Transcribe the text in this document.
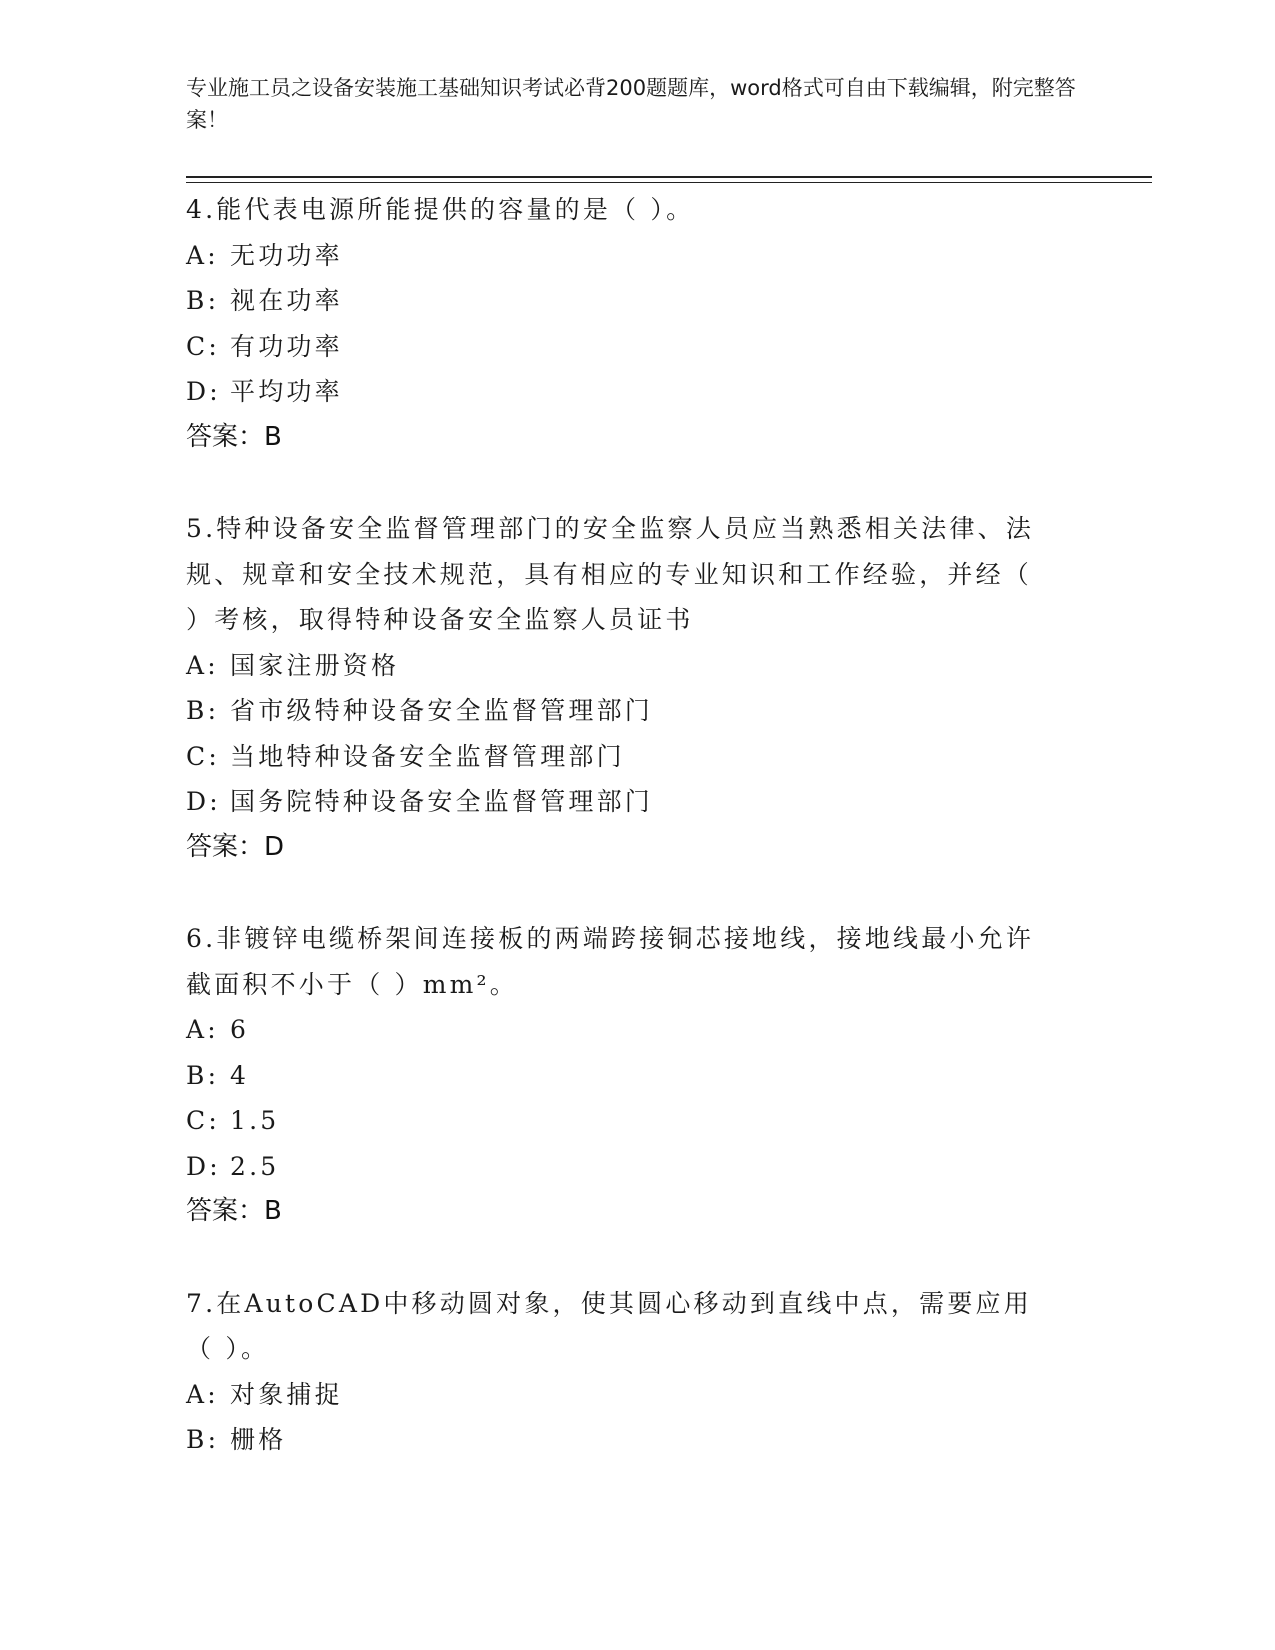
专业施工员之设备安装施工基础知识考试必背200题题库，word格式可自由下载编辑，附完整答案！

4.能代表电源所能提供的容量的是（ ）。

A: 无功功率

B: 视在功率

C: 有功功率

D: 平均功率

答案：B

5.特种设备安全监督管理部门的安全监察人员应当熟悉相关法律、法规、规章和安全技术规范，具有相应的专业知识和工作经验，并经（ ）考核，取得特种设备安全监察人员证书

A: 国家注册资格

B: 省市级特种设备安全监督管理部门

C: 当地特种设备安全监督管理部门

D: 国务院特种设备安全监督管理部门

答案：D

6.非镀锌电缆桥架间连接板的两端跨接铜芯接地线，接地线最小允许截面积不小于（ ）mm²。

A: 6

B: 4

C: 1.5

D: 2.5

答案：B

7.在AutoCAD中移动圆对象，使其圆心移动到直线中点，需要应用（ ）。

A: 对象捕捉

B: 栅格
